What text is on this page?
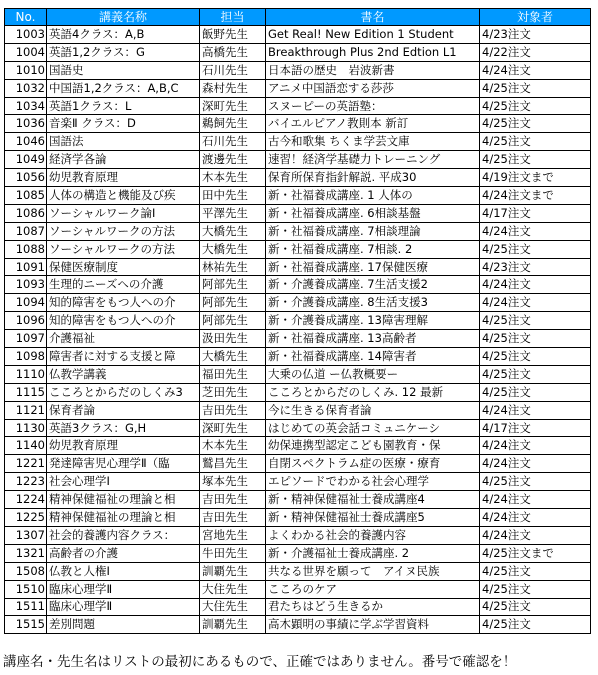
No.	講義名称	担当	書名	対象者
1003	英語4クラス：A,B	飯野先生	Get Real! New Edition 1 Student	4/23注文
1004	英語1,2クラス：G	高橋先生	Breakthrough Plus 2nd Edtion L1	4/22注文
1010	国語史	石川先生	日本語の歴史　岩波新書	4/24注文
1032	中国語1,2クラス：A,B,C	森村先生	アニメ中国語恋する莎莎	4/25注文
1034	英語1クラス：L	深町先生	スヌーピーの英語塾：	4/25注文
1036	音楽Ⅱ クラス：D	鵜飼先生	バイエルピアノ教則本 新訂	4/25注文
1046	国語法	石川先生	古今和歌集 ちくま学芸文庫	4/25注文
1049	経済学各論	渡邊先生	速習！経済学基礎力トレーニング	4/25注文
1056	幼児教育原理	木本先生	保育所保育指針解説. 平成30	4/19注文まで
1085	人体の構造と機能及び疾	田中先生	新・社福養成講座. 1 人体の	4/24注文まで
1086	ソーシャルワーク論Ⅰ	平澤先生	新・社福養成講座. 6相談基盤	4/17注文
1087	ソーシャルワークの方法	大橋先生	新・社福養成講座. 7相談理論	4/24注文
1088	ソーシャルワークの方法	大橋先生	新・社福養成講座. 7相談. 2	4/25注文
1091	保健医療制度	林祐先生	新・社福養成講座. 17保健医療	4/23注文
1093	生理的ニーズへの介護	阿部先生	新・介護養成講座. 7生活支援2	4/24注文
1094	知的障害をもつ人への介	阿部先生	新・介護養成講座. 8生活支援3	4/24注文
1096	知的障害をもつ人への介	阿部先生	新・介護養成講座. 13障害理解	4/25注文
1097	介護福祉	汲田先生	新・社福養成講座. 13高齢者	4/25注文
1098	障害者に対する支援と障	大橋先生	新・社福養成講座. 14障害者	4/25注文
1110	仏教学講義	福田先生	大乗の仏道 ー仏教概要ー	4/25注文
1115	こころとからだのしくみ3	芝田先生	こころとからだのしくみ. 12 最新	4/25注文
1121	保育者論	吉田先生	今に生きる保育者論	4/24注文
1130	英語3クラス：G,H	深町先生	はじめての英会話コミュニケーシ	4/17注文
1140	幼児教育原理	木本先生	幼保連携型認定こども園教育・保	4/24注文
1221	発達障害児心理学Ⅱ（臨	鷲昌先生	自閉スペクトラム症の医療・療育	4/24注文
1223	社会心理学Ⅰ	塚本先生	エピソードでわかる社会心理学	4/25注文
1224	精神保健福祉の理論と相	吉田先生	新・精神保健福祉士養成講座4	4/24注文
1225	精神保健福祉の理論と相	吉田先生	新・精神保健福祉士養成講座5	4/24注文
1307	社会的養護内容クラス：	宮地先生	よくわかる社会的養護内容	4/24注文
1321	高齢者の介護	牛田先生	新・介護福祉士養成講座. 2	4/25注文まで
1508	仏教と人権Ⅰ	訓覇先生	共なる世界を願って　アイヌ民族	4/25注文
1510	臨床心理学Ⅱ	大住先生	こころのケア	4/25注文
1511	臨床心理学Ⅱ	大住先生	君たちはどう生きるか	4/25注文
1515	差別問題	訓覇先生	高木顕明の事績に学ぶ学習資料	4/25注文
講座名・先生名はリストの最初にあるもので、正確ではありません。番号で確認を！
